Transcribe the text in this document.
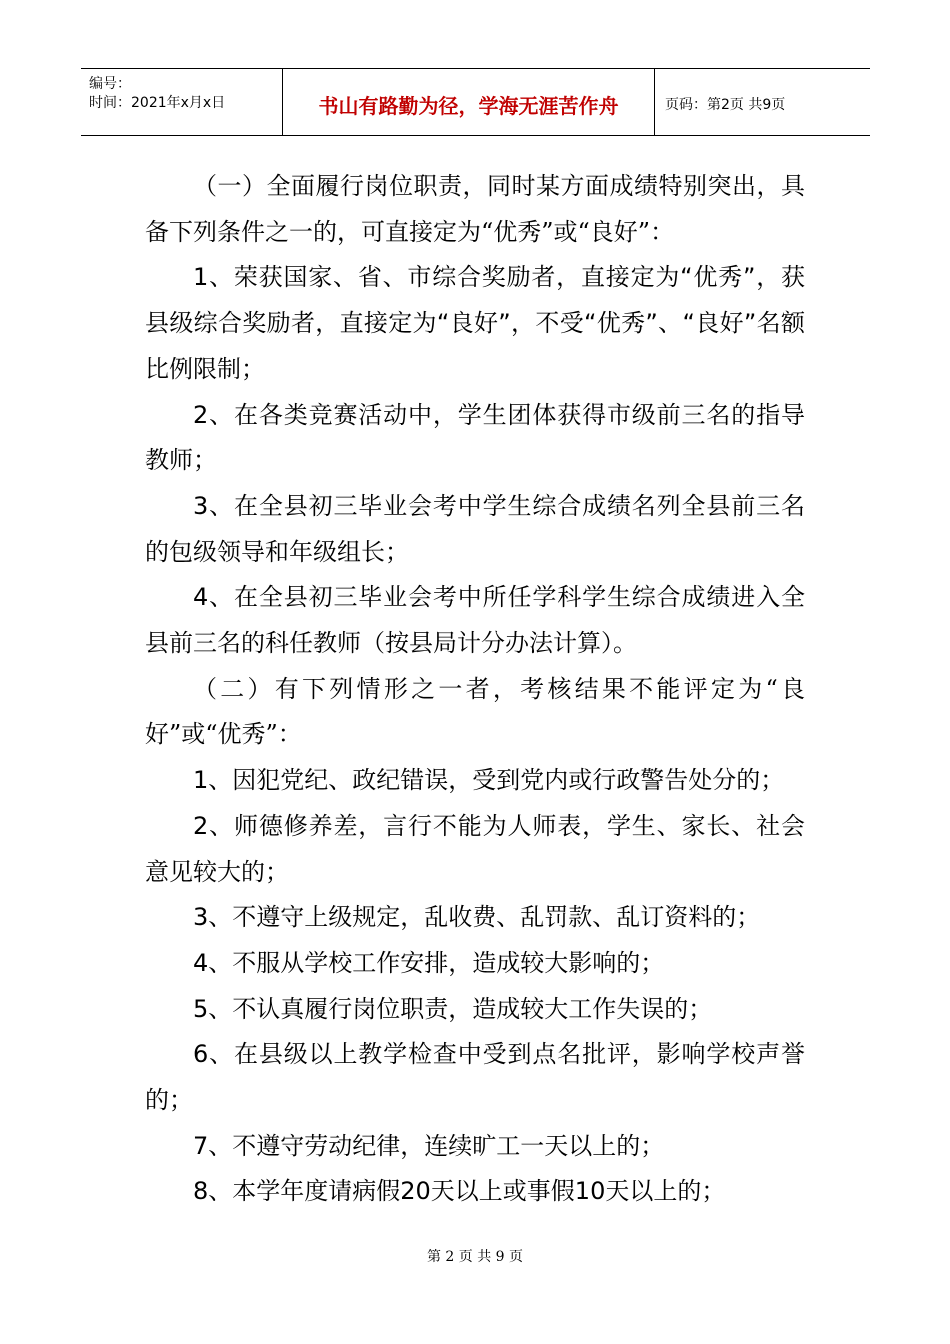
编号：
时间：2021年x月x日	书山有路勤为径，学海无涯苦作舟	页码：第2页 共9页

（一）全面履行岗位职责，同时某方面成绩特别突出，具备下列条件之一的，可直接定为“优秀”或“良好”：

1、荣获国家、省、市综合奖励者，直接定为“优秀”，获县级综合奖励者，直接定为“良好”，不受“优秀”、“良好”名额比例限制；

2、在各类竞赛活动中，学生团体获得市级前三名的指导教师；

3、在全县初三毕业会考中学生综合成绩名列全县前三名的包级领导和年级组长；

4、在全县初三毕业会考中所任学科学生综合成绩进入全县前三名的科任教师（按县局计分办法计算）。

（二）有下列情形之一者，考核结果不能评定为“良好”或“优秀”：

1、因犯党纪、政纪错误，受到党内或行政警告处分的；

2、师德修养差，言行不能为人师表，学生、家长、社会意见较大的；

3、不遵守上级规定，乱收费、乱罚款、乱订资料的；

4、不服从学校工作安排，造成较大影响的；

5、不认真履行岗位职责，造成较大工作失误的；

6、在县级以上教学检查中受到点名批评，影响学校声誉的；

7、不遵守劳动纪律，连续旷工一天以上的；

8、本学年度请病假20天以上或事假10天以上的；

第 2 页 共 9 页
